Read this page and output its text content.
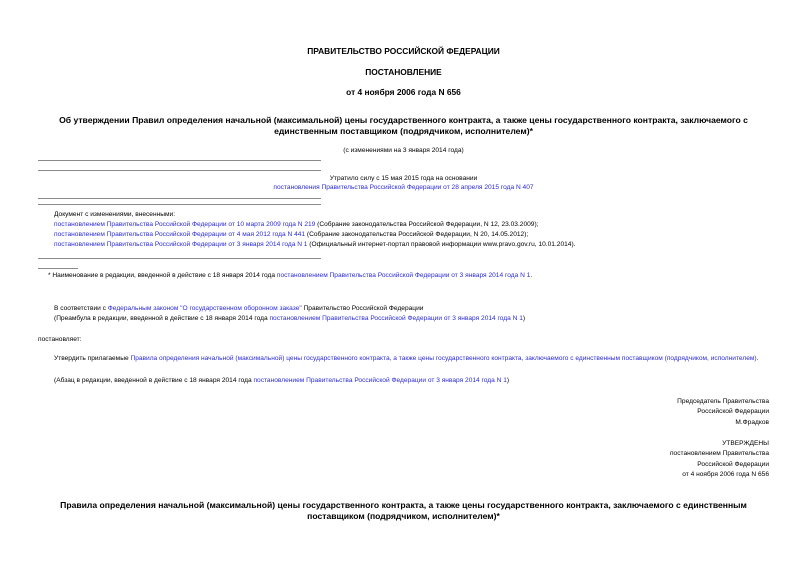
ПРАВИТЕЛЬСТВО РОССИЙСКОЙ ФЕДЕРАЦИИ
ПОСТАНОВЛЕНИЕ
от 4 ноября 2006 года N 656
Об утверждении Правил определения начальной (максимальной) цены государственного контракта, а также цены государственного контракта, заключаемого с единственным поставщиком (подрядчиком, исполнителем)*
(с изменениями на 3 января 2014 года)
Утратило силу с 15 мая 2015 года на основании
постановления Правительства Российской Федерации от 28 апреля 2015 года N 407
Документ с изменениями, внесенными:
постановлением Правительства Российской Федерации от 10 марта 2009 года N 219 (Собрание законодательства Российской Федерации, N 12, 23.03.2009);
постановлением Правительства Российской Федерации от 4 мая 2012 года N 441 (Собрание законодательства Российской Федерации, N 20, 14.05.2012);
постановлением Правительства Российской Федерации от 3 января 2014 года N 1 (Официальный интернет-портал правовой информации www.pravo.gov.ru, 10.01.2014).
* Наименование в редакции, введенной в действие с 18 января 2014 года постановлением Правительства Российской Федерации от 3 января 2014 года N 1.
В соответствии с Федеральным законом "О государственном оборонном заказе" Правительство Российской Федерации
(Преамбула в редакции, введенной в действие с 18 января 2014 года постановлением Правительства Российской Федерации от 3 января 2014 года N 1)
постановляет:
Утвердить прилагаемые Правила определения начальной (максимальной) цены государственного контракта, а также цены государственного контракта, заключаемого с единственным поставщиком (подрядчиком, исполнителем).
(Абзац в редакции, введенной в действие с 18 января 2014 года постановлением Правительства Российской Федерации от 3 января 2014 года N 1)
Председатель Правительства
Российской Федерации
М.Фрадков
УТВЕРЖДЕНЫ
постановлением Правительства
Российской Федерации
от 4 ноября 2006 года N 656
Правила определения начальной (максимальной) цены государственного контракта, а также цены государственного контракта, заключаемого с единственным поставщиком (подрядчиком, исполнителем)*
